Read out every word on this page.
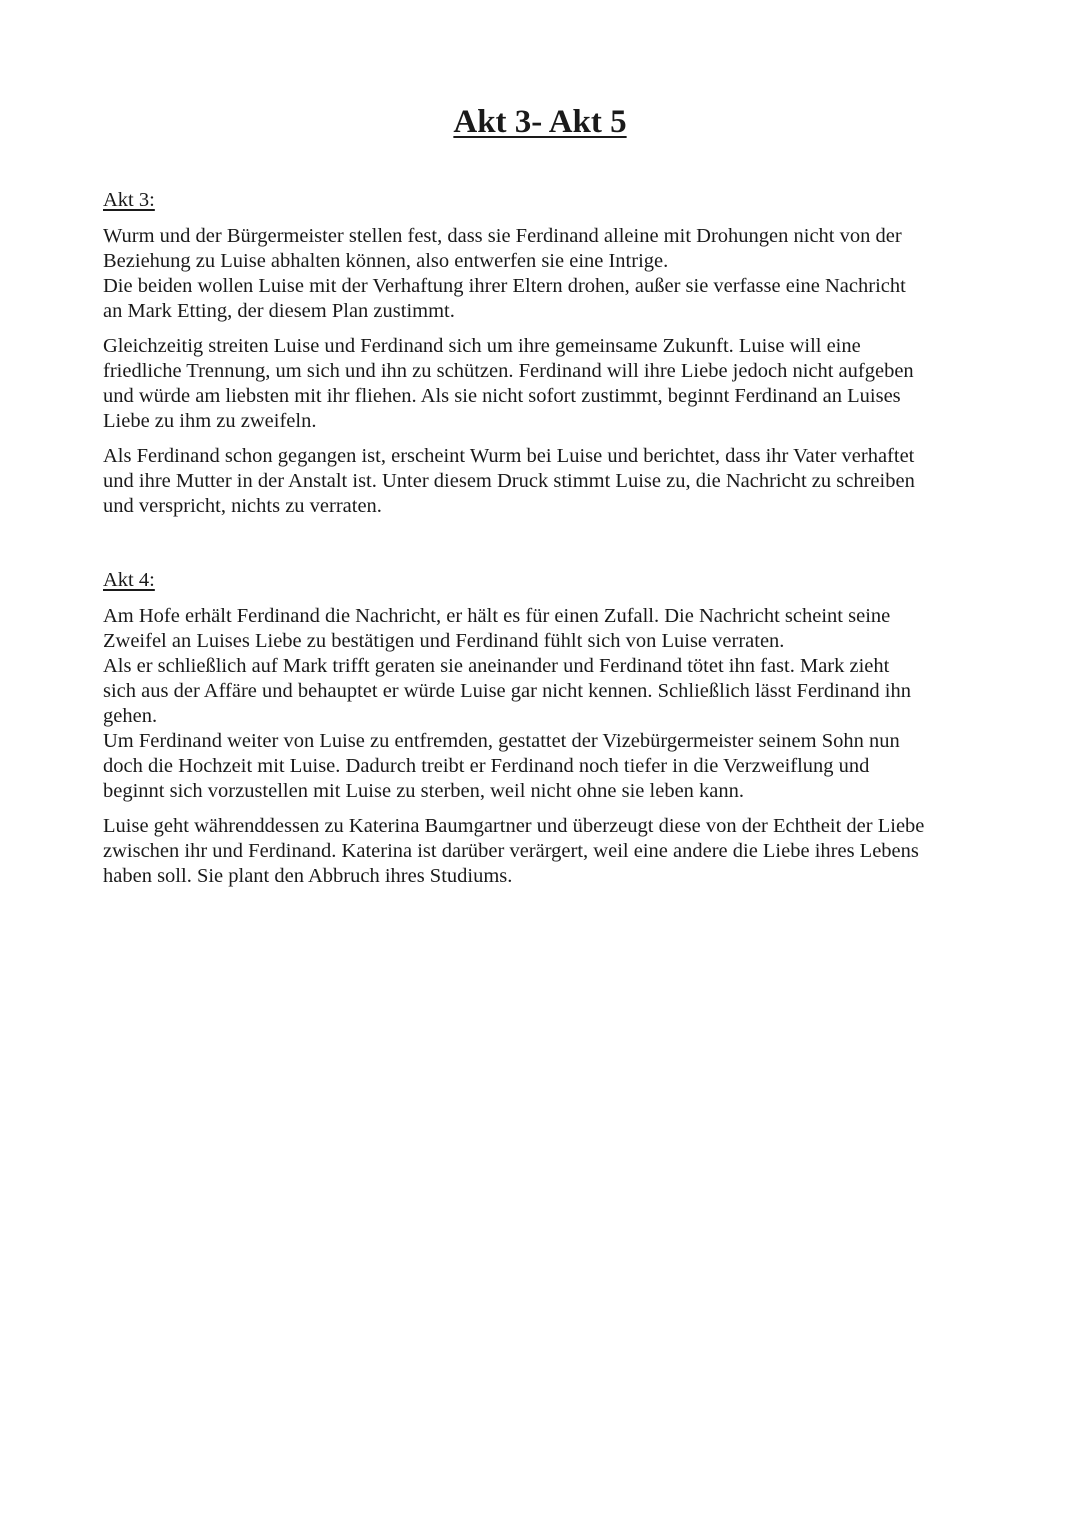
Akt 3- Akt 5
Akt 3:

Wurm und der Bürgermeister stellen fest, dass sie Ferdinand alleine mit Drohungen nicht von der
Beziehung zu Luise abhalten können, also entwerfen sie eine Intrige.
Die beiden wollen Luise mit der Verhaftung ihrer Eltern drohen, außer sie verfasse eine Nachricht
an Mark Etting, der diesem Plan zustimmt.

Gleichzeitig streiten Luise und Ferdinand sich um ihre gemeinsame Zukunft. Luise will eine
friedliche Trennung, um sich und ihn zu schützen. Ferdinand will ihre Liebe jedoch nicht aufgeben
und würde am liebsten mit ihr fliehen. Als sie nicht sofort zustimmt, beginnt Ferdinand an Luises
Liebe zu ihm zu zweifeln.

Als Ferdinand schon gegangen ist, erscheint Wurm bei Luise und berichtet, dass ihr Vater verhaftet
und ihre Mutter in der Anstalt ist. Unter diesem Druck stimmt Luise zu, die Nachricht zu schreiben
und verspricht, nichts zu verraten.

Akt 4:

Am Hofe erhält Ferdinand die Nachricht, er hält es für einen Zufall. Die Nachricht scheint seine
Zweifel an Luises Liebe zu bestätigen und Ferdinand fühlt sich von Luise verraten.
Als er schließlich auf Mark trifft geraten sie aneinander und Ferdinand tötet ihn fast. Mark zieht
sich aus der Affäre und behauptet er würde Luise gar nicht kennen. Schließlich lässt Ferdinand ihn
gehen.
Um Ferdinand weiter von Luise zu entfremden, gestattet der Vizebürgermeister seinem Sohn nun
doch die Hochzeit mit Luise. Dadurch treibt er Ferdinand noch tiefer in die Verzweiflung und
beginnt sich vorzustellen mit Luise zu sterben, weil nicht ohne sie leben kann.

Luise geht währenddessen zu Katerina Baumgartner und überzeugt diese von der Echtheit der Liebe
zwischen ihr und Ferdinand. Katerina ist darüber verärgert, weil eine andere die Liebe ihres Lebens
haben soll. Sie plant den Abbruch ihres Studiums.
